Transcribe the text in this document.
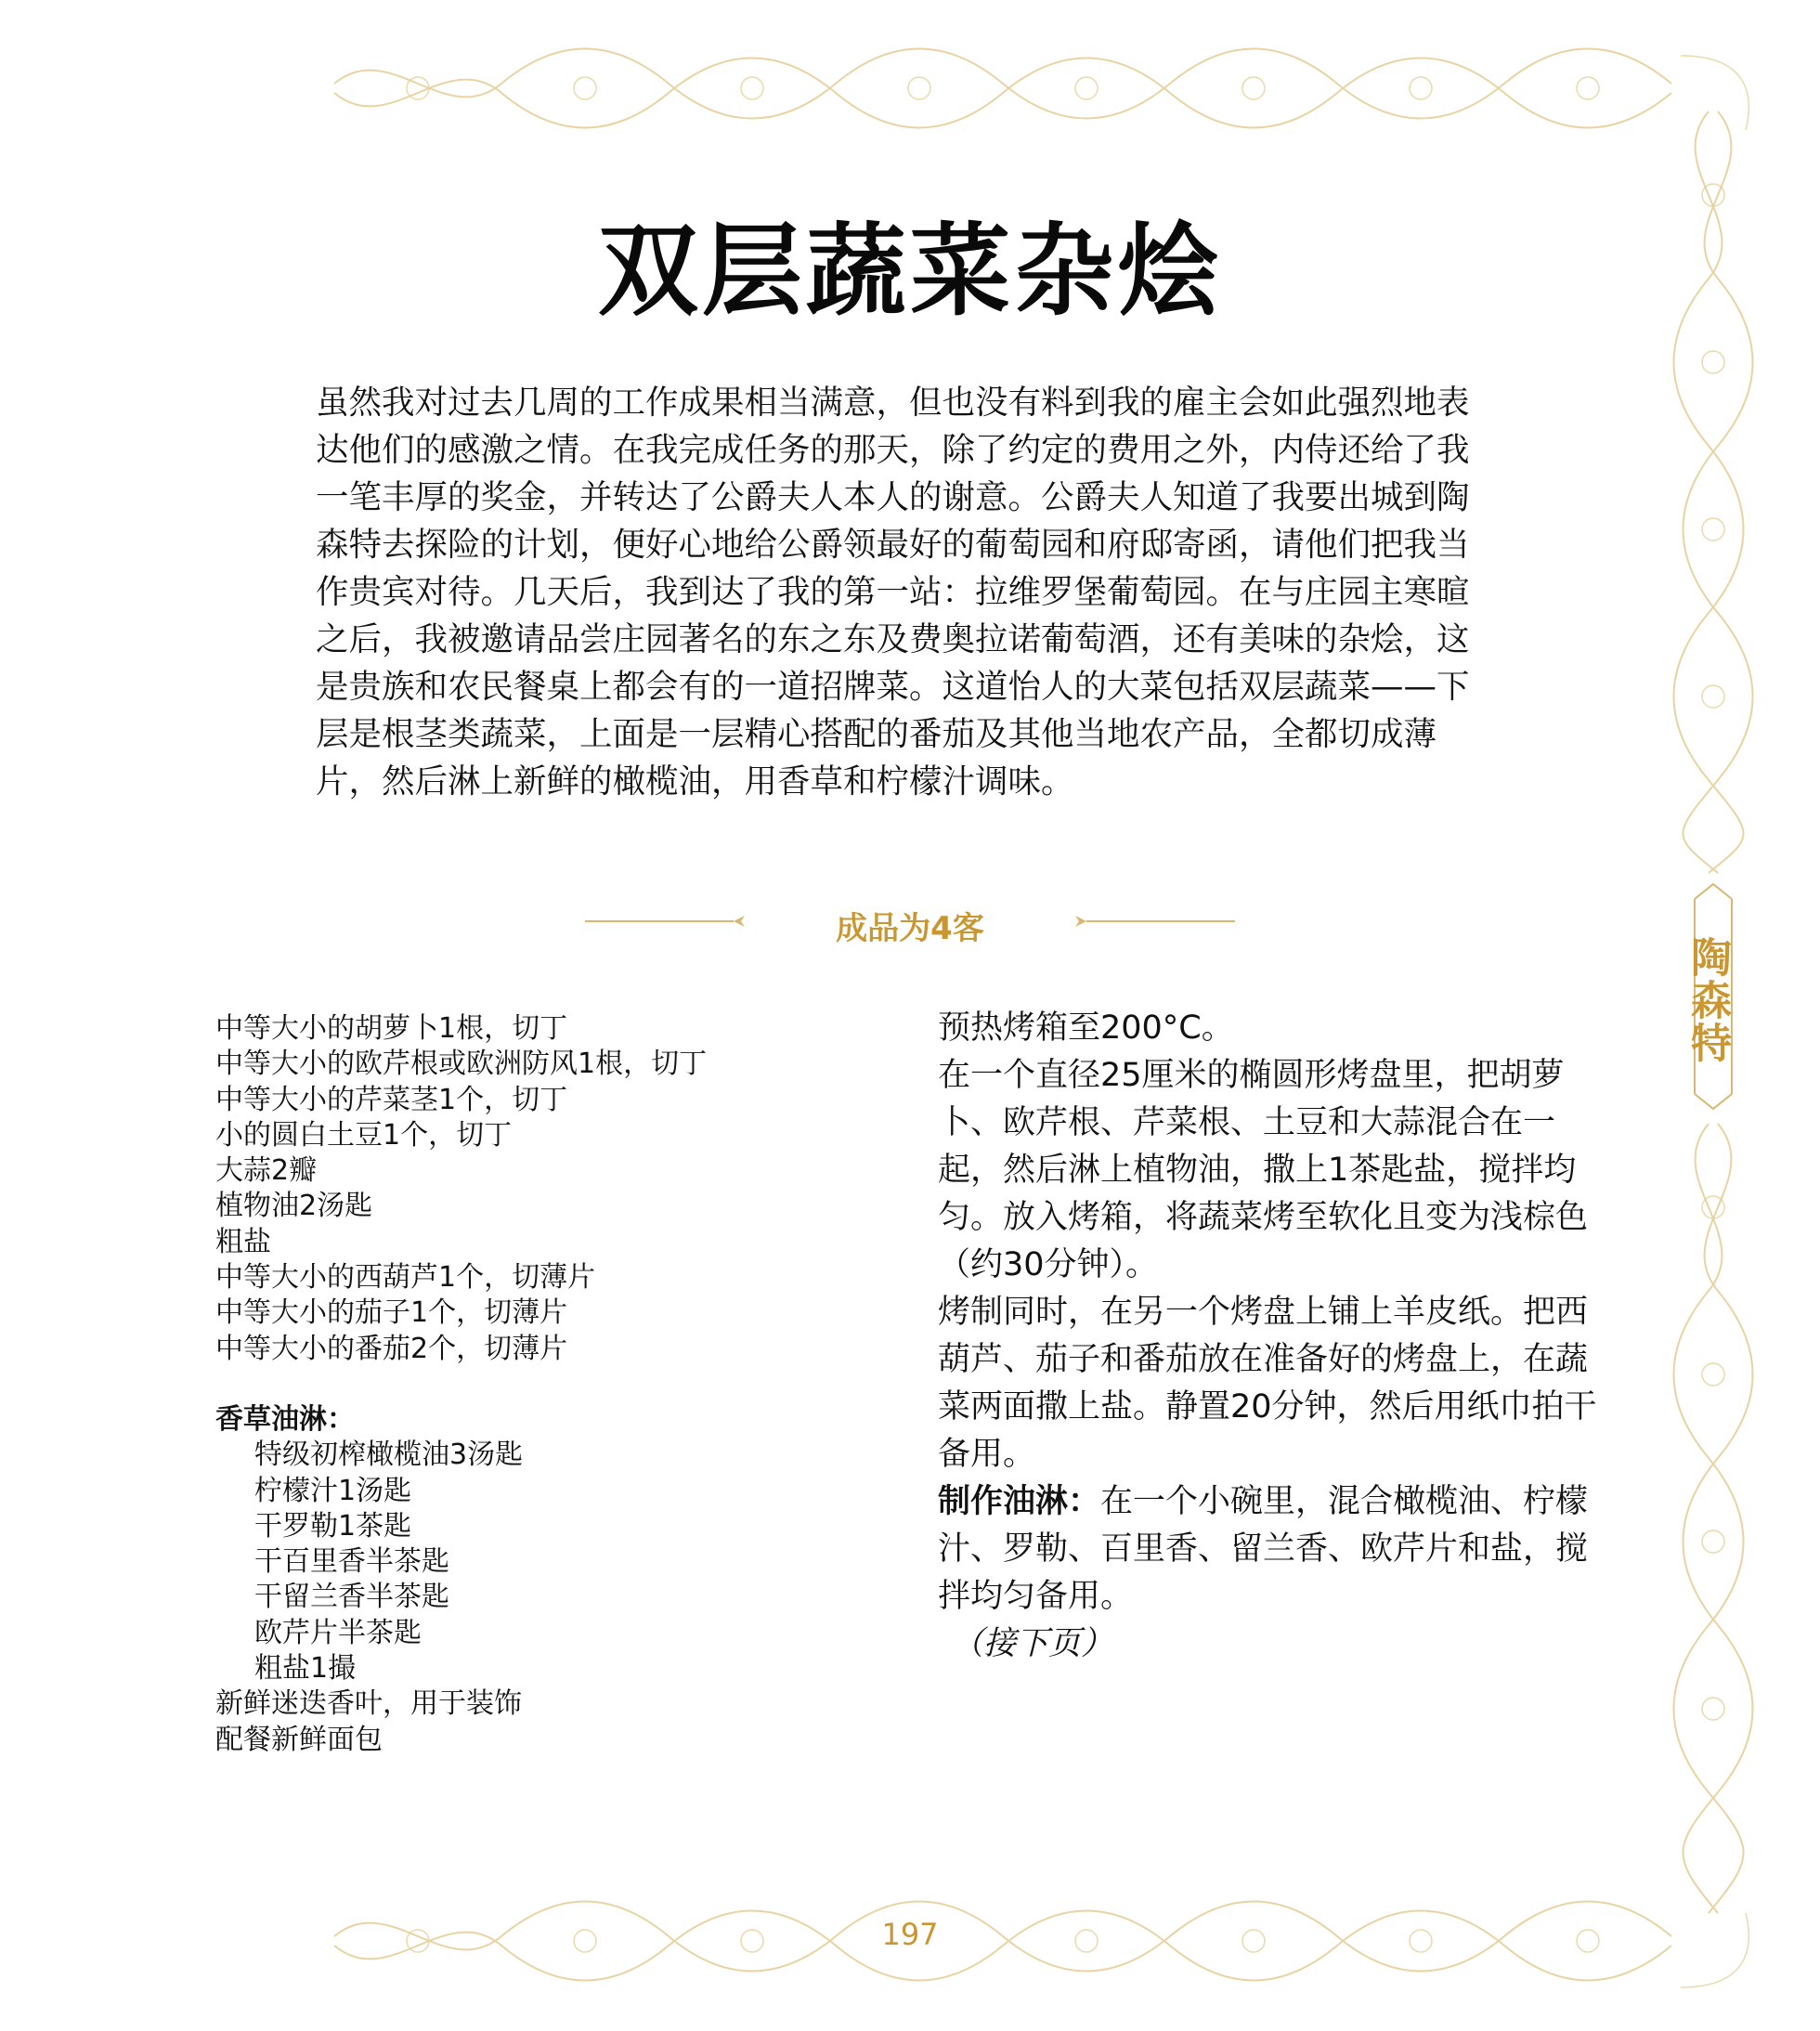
陶森特
双层蔬菜杂烩

虽然我对过去几周的工作成果相当满意，但也没有料到我的雇主会如此强烈地表达他们的感激之情。在我完成任务的那天，除了约定的费用之外，内侍还给了我一笔丰厚的奖金，并转达了公爵夫人本人的谢意。公爵夫人知道了我要出城到陶森特去探险的计划，便好心地给公爵领最好的葡萄园和府邸寄函，请他们把我当作贵宾对待。几天后，我到达了我的第一站：拉维罗堡葡萄园。在与庄园主寒暄之后，我被邀请品尝庄园著名的东之东及费奥拉诺葡萄酒，还有美味的杂烩，这是贵族和农民餐桌上都会有的一道招牌菜。这道怡人的大菜包括双层蔬菜——下层是根茎类蔬菜，上面是一层精心搭配的番茄及其他当地农产品，全都切成薄片，然后淋上新鲜的橄榄油，用香草和柠檬汁调味。

成品为4客
中等大小的胡萝卜1根，切丁
中等大小的欧芹根或欧洲防风1根，切丁
中等大小的芹菜茎1个，切丁
小的圆白土豆1个，切丁
大蒜2瓣
植物油2汤匙
粗盐
中等大小的西葫芦1个，切薄片
中等大小的茄子1个，切薄片
中等大小的番茄2个，切薄片
香草油淋：
特级初榨橄榄油3汤匙
柠檬汁1汤匙
干罗勒1茶匙
干百里香半茶匙
干留兰香半茶匙
欧芹片半茶匙
粗盐1撮
新鲜迷迭香叶，用于装饰
配餐新鲜面包

预热烤箱至200°C。

在一个直径25厘米的椭圆形烤盘里，把胡萝卜、欧芹根、芹菜根、土豆和大蒜混合在一起，然后淋上植物油，撒上1茶匙盐，搅拌均匀。放入烤箱，将蔬菜烤至软化且变为浅棕色（约30分钟）。

烤制同时，在另一个烤盘上铺上羊皮纸。把西葫芦、茄子和番茄放在准备好的烤盘上，在蔬菜两面撒上盐。静置20分钟，然后用纸巾拍干备用。

制作油淋：在一个小碗里，混合橄榄油、柠檬汁、罗勒、百里香、留兰香、欧芹片和盐，搅拌均匀备用。

（接下页）

197
